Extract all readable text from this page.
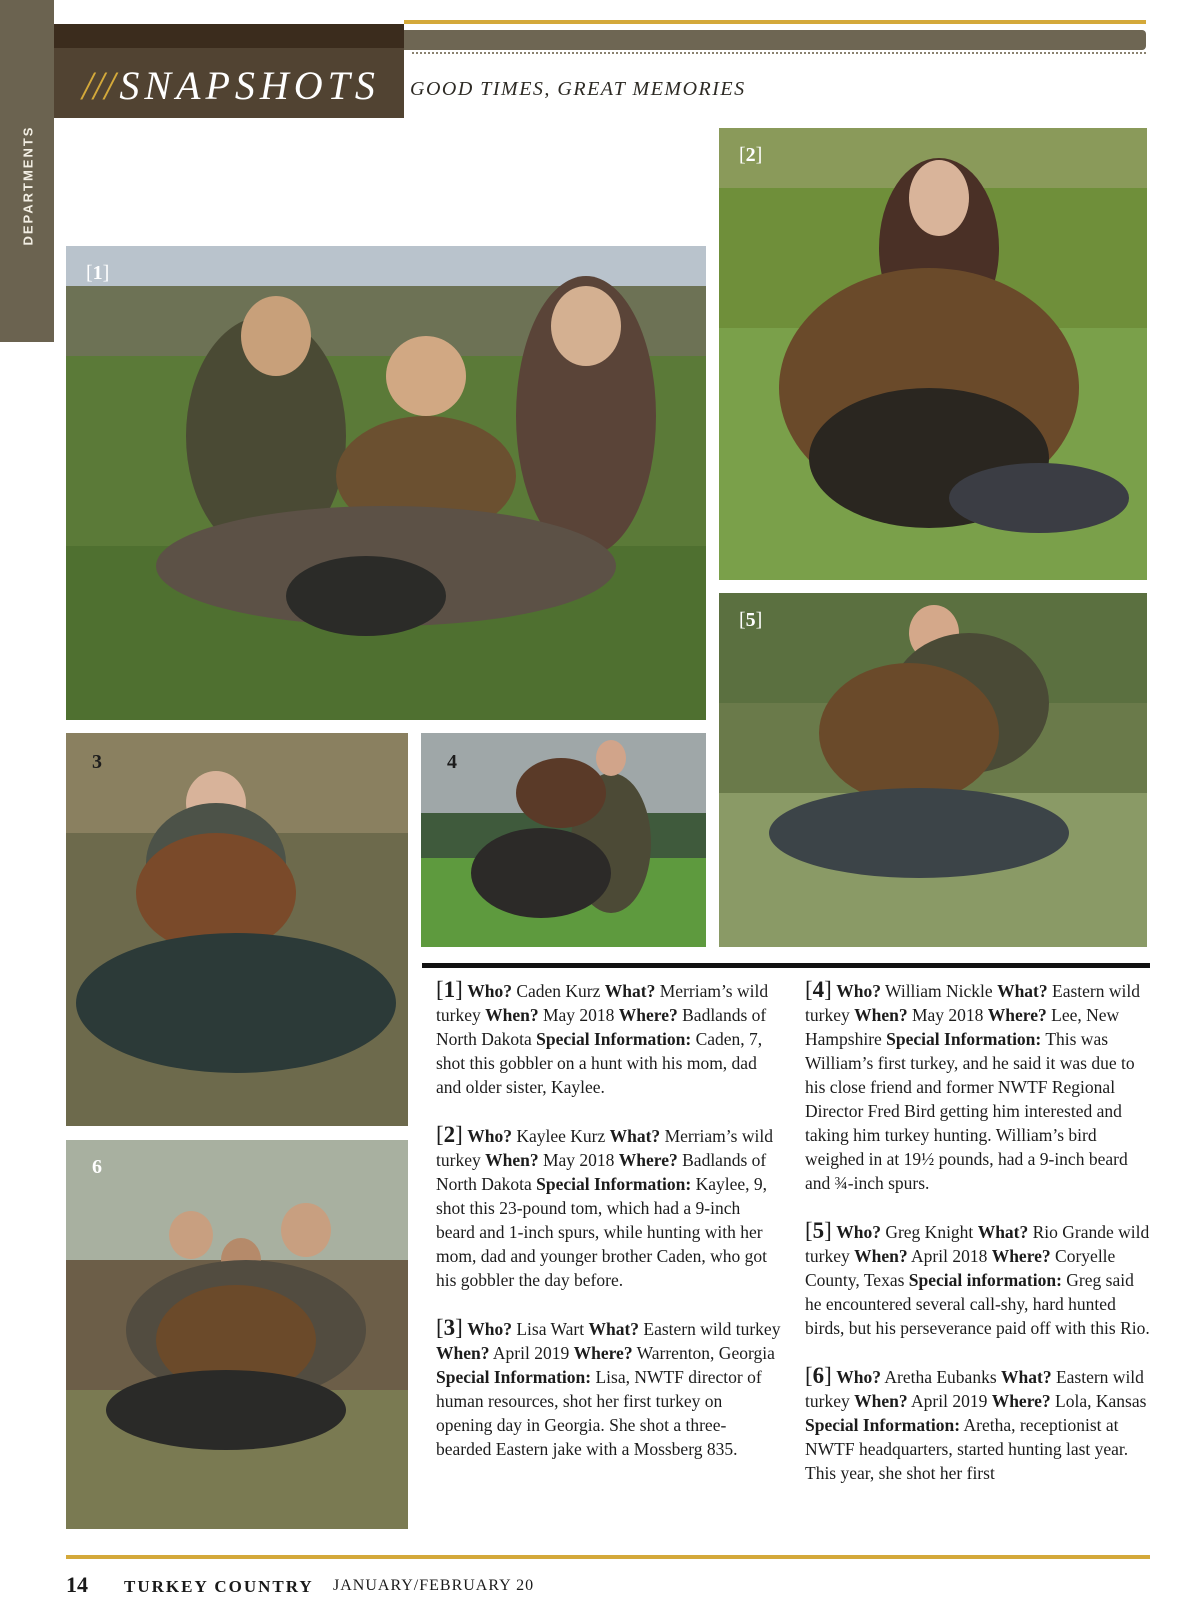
DEPARTMENTS
/// SNAPSHOTS GOOD TIMES, GREAT MEMORIES
[1]
[2]
3	4
[5]
6

[1] Who? Caden Kurz What? Merriam’s wild turkey When? May 2018 Where? Badlands of North Dakota Special Information: Caden, 7, shot this gobbler on a hunt with his mom, dad and older sister, Kaylee.

[2] Who? Kaylee Kurz What? Merriam’s wild turkey When? May 2018 Where? Badlands of North Dakota Special Information: Kaylee, 9, shot this 23-pound tom, which had a 9-inch beard and 1-inch spurs, while hunting with her mom, dad and younger brother Caden, who got his gobbler the day before.

[3] Who? Lisa Wart What? Eastern wild turkey When? April 2019 Where? Warrenton, Georgia Special Information: Lisa, NWTF director of human resources, shot her first turkey on opening day in Georgia. She shot a three-bearded Eastern jake with a Mossberg 835.

[4] Who? William Nickle What? Eastern wild turkey When? May 2018 Where? Lee, New Hampshire Special Information: This was William’s first turkey, and he said it was due to his close friend and former NWTF Regional Director Fred Bird getting him interested and taking him turkey hunting. William’s bird weighed in at 19½ pounds, had a 9-inch beard and ¾-inch spurs.

[5] Who? Greg Knight What? Rio Grande wild turkey When? April 2018 Where? Coryelle County, Texas Special information: Greg said he encountered several call-shy, hard hunted birds, but his perseverance paid off with this Rio.

[6] Who? Aretha Eubanks What? Eastern wild turkey When? April 2019 Where? Lola, Kansas Special Information: Aretha, receptionist at NWTF headquarters, started hunting last year. This year, she shot her first

14 TURKEY COUNTRY JANUARY/FEBRUARY 20
